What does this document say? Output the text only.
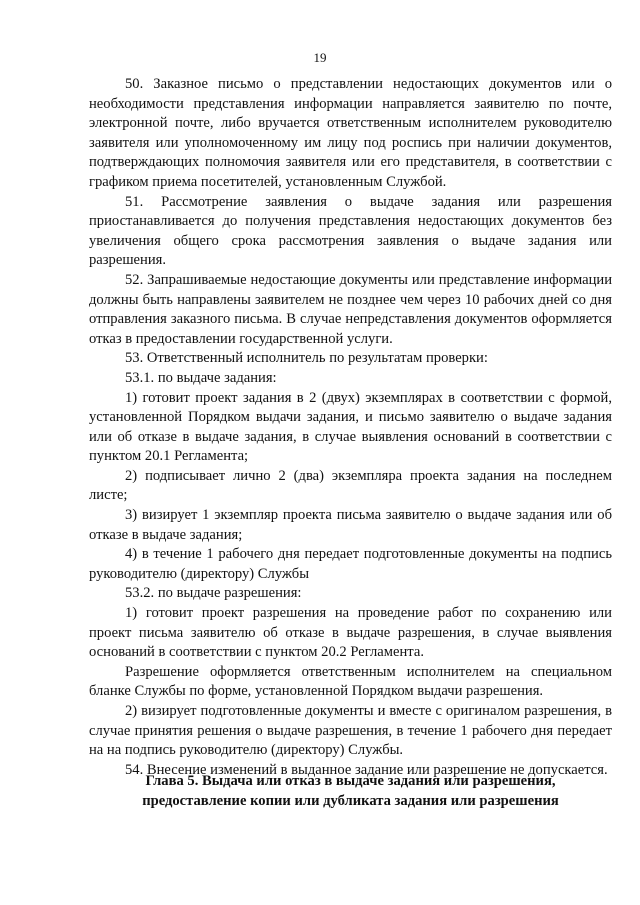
19

50. Заказное письмо о представлении недостающих документов или о необходимости представления информации направляется заявителю по почте, электронной почте, либо вручается ответственным исполнителем руководителю заявителя или уполномоченному им лицу под роспись при наличии документов, подтверждающих полномочия заявителя или его представителя, в соответствии с графиком приема посетителей, установленным Службой.

51. Рассмотрение заявления о выдаче задания или разрешения приостанавливается до получения представления недостающих документов без увеличения общего срока рассмотрения заявления о выдаче задания или разрешения.

52. Запрашиваемые недостающие документы или представление информации должны быть направлены заявителем не позднее чем через 10 рабочих дней со дня отправления заказного письма. В случае непредставления документов оформляется отказ в предоставлении государственной услуги.

53. Ответственный исполнитель по результатам проверки:

53.1. по выдаче задания:

1) готовит проект задания в 2 (двух) экземплярах в соответствии с формой, установленной Порядком выдачи задания, и письмо заявителю о выдаче задания или об отказе в выдаче задания, в случае выявления оснований в соответствии с пунктом 20.1 Регламента;

2) подписывает лично 2 (два) экземпляра проекта задания на последнем листе;

3) визирует 1 экземпляр проекта письма заявителю о выдаче задания или об отказе в выдаче задания;

4) в течение 1 рабочего дня передает подготовленные документы на подпись руководителю (директору) Службы

53.2. по выдаче разрешения:

1) готовит проект разрешения на проведение работ по сохранению или проект письма заявителю об отказе в выдаче разрешения, в случае выявления оснований в соответствии с пунктом 20.2 Регламента.

Разрешение оформляется ответственным исполнителем на специальном бланке Службы по форме, установленной Порядком выдачи разрешения.

2) визирует подготовленные документы и вместе с оригиналом разрешения, в случае принятия решения о выдаче разрешения, в течение 1 рабочего дня передает на на подпись руководителю (директору) Службы.

54. Внесение изменений в выданное задание или разрешение не допускается.

Глава 5. Выдача или отказ в выдаче задания или разрешения,
предоставление копии или дубликата задания или разрешения
